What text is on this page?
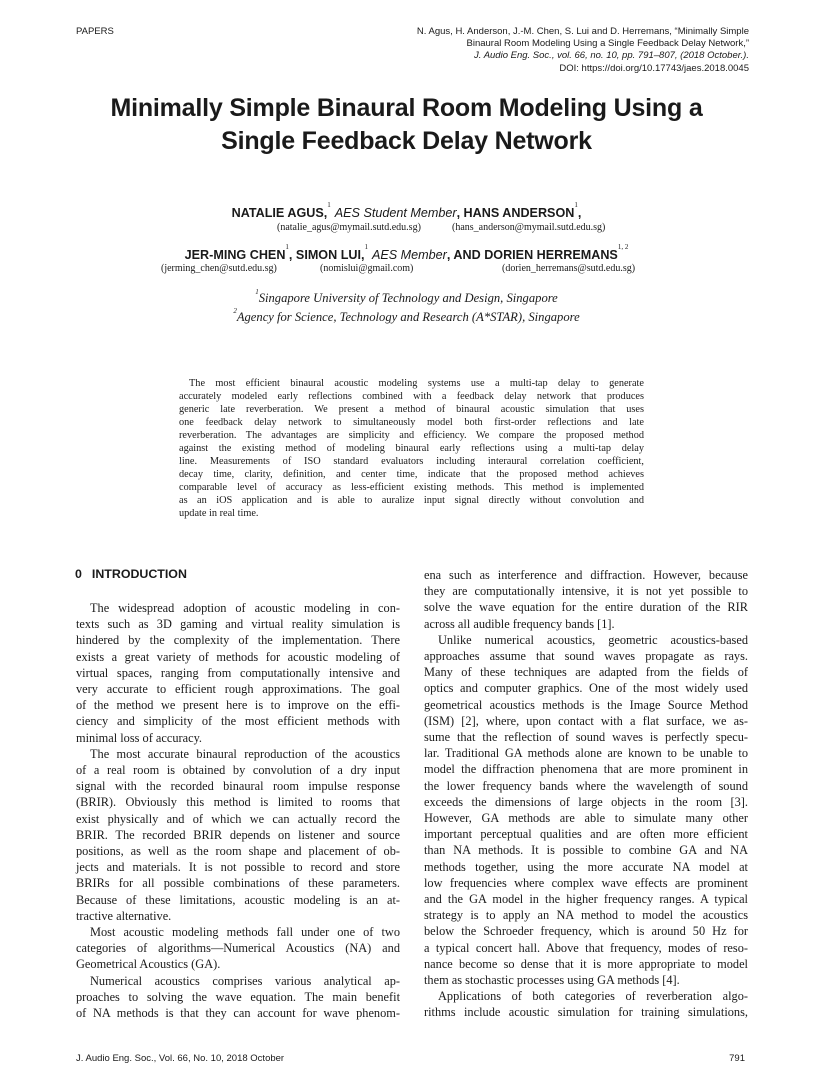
PAPERS	N. Agus, H. Anderson, J.-M. Chen, S. Lui and D. Herremans, “Minimally Simple
Binaural Room Modeling Using a Single Feedback Delay Network,”
J. Audio Eng. Soc., vol. 66, no. 10, pp. 791–807, (2018 October.).
DOI: https://doi.org/10.17743/jaes.2018.0045
Minimally Simple Binaural Room Modeling Using a
Single Feedback Delay Network
NATALIE AGUS,$^1$ AES Student Member, HANS ANDERSON$^1$,
(natalie_agus@mymail.sutd.edu.sg)	(hans_anderson@mymail.sutd.edu.sg)
JER-MING CHEN$^1$, SIMON LUI,$^1$ AES Member, AND DORIEN HERREMANS$^{1, 2}$
(jerming_chen@sutd.edu.sg)	(nomislui@gmail.com)	(dorien_herremans@sutd.edu.sg)
$^1$Singapore University of Technology and Design, Singapore
$^2$Agency for Science, Technology and Research (A*STAR), Singapore
The most efficient binaural acoustic modeling systems use a multi-tap delay to generate
accurately modeled early reflections combined with a feedback delay network that produces
generic late reverberation. We present a method of binaural acoustic simulation that uses
one feedback delay network to simultaneously model both first-order reflections and late
reverberation. The advantages are simplicity and efficiency. We compare the proposed method
against the existing method of modeling binaural early reflections using a multi-tap delay
line. Measurements of ISO standard evaluators including interaural correlation coefficient,
decay time, clarity, definition, and center time, indicate that the proposed method achieves
comparable level of accuracy as less-efficient existing methods. This method is implemented
as an iOS application and is able to auralize input signal directly without convolution and
update in real time.
0 INTRODUCTION
The widespread adoption of acoustic modeling in con-
texts such as 3D gaming and virtual reality simulation is
hindered by the complexity of the implementation. There
exists a great variety of methods for acoustic modeling of
virtual spaces, ranging from computationally intensive and
very accurate to efficient rough approximations. The goal
of the method we present here is to improve on the effi-
ciency and simplicity of the most efficient methods with
minimal loss of accuracy.
The most accurate binaural reproduction of the acoustics
of a real room is obtained by convolution of a dry input
signal with the recorded binaural room impulse response
(BRIR). Obviously this method is limited to rooms that
exist physically and of which we can actually record the
BRIR. The recorded BRIR depends on listener and source
positions, as well as the room shape and placement of ob-
jects and materials. It is not possible to record and store
BRIRs for all possible combinations of these parameters.
Because of these limitations, acoustic modeling is an at-
tractive alternative.
Most acoustic modeling methods fall under one of two
categories of algorithms—Numerical Acoustics (NA) and
Geometrical Acoustics (GA).
Numerical acoustics comprises various analytical ap-
proaches to solving the wave equation. The main benefit
of NA methods is that they can account for wave phenom-
ena such as interference and diffraction. However, because
they are computationally intensive, it is not yet possible to
solve the wave equation for the entire duration of the RIR
across all audible frequency bands [1].
Unlike numerical acoustics, geometric acoustics-based
approaches assume that sound waves propagate as rays.
Many of these techniques are adapted from the fields of
optics and computer graphics. One of the most widely used
geometrical acoustics methods is the Image Source Method
(ISM) [2], where, upon contact with a flat surface, we as-
sume that the reflection of sound waves is perfectly specu-
lar. Traditional GA methods alone are known to be unable to
model the diffraction phenomena that are more prominent in
the lower frequency bands where the wavelength of sound
exceeds the dimensions of large objects in the room [3].
However, GA methods are able to simulate many other
important perceptual qualities and are often more efficient
than NA methods. It is possible to combine GA and NA
methods together, using the more accurate NA model at
low frequencies where complex wave effects are prominent
and the GA model in the higher frequency ranges. A typical
strategy is to apply an NA method to model the acoustics
below the Schroeder frequency, which is around 50 Hz for
a typical concert hall. Above that frequency, modes of reso-
nance become so dense that it is more appropriate to model
them as stochastic processes using GA methods [4].
Applications of both categories of reverberation algo-
rithms include acoustic simulation for training simulations,
J. Audio Eng. Soc., Vol. 66, No. 10, 2018 October	791
